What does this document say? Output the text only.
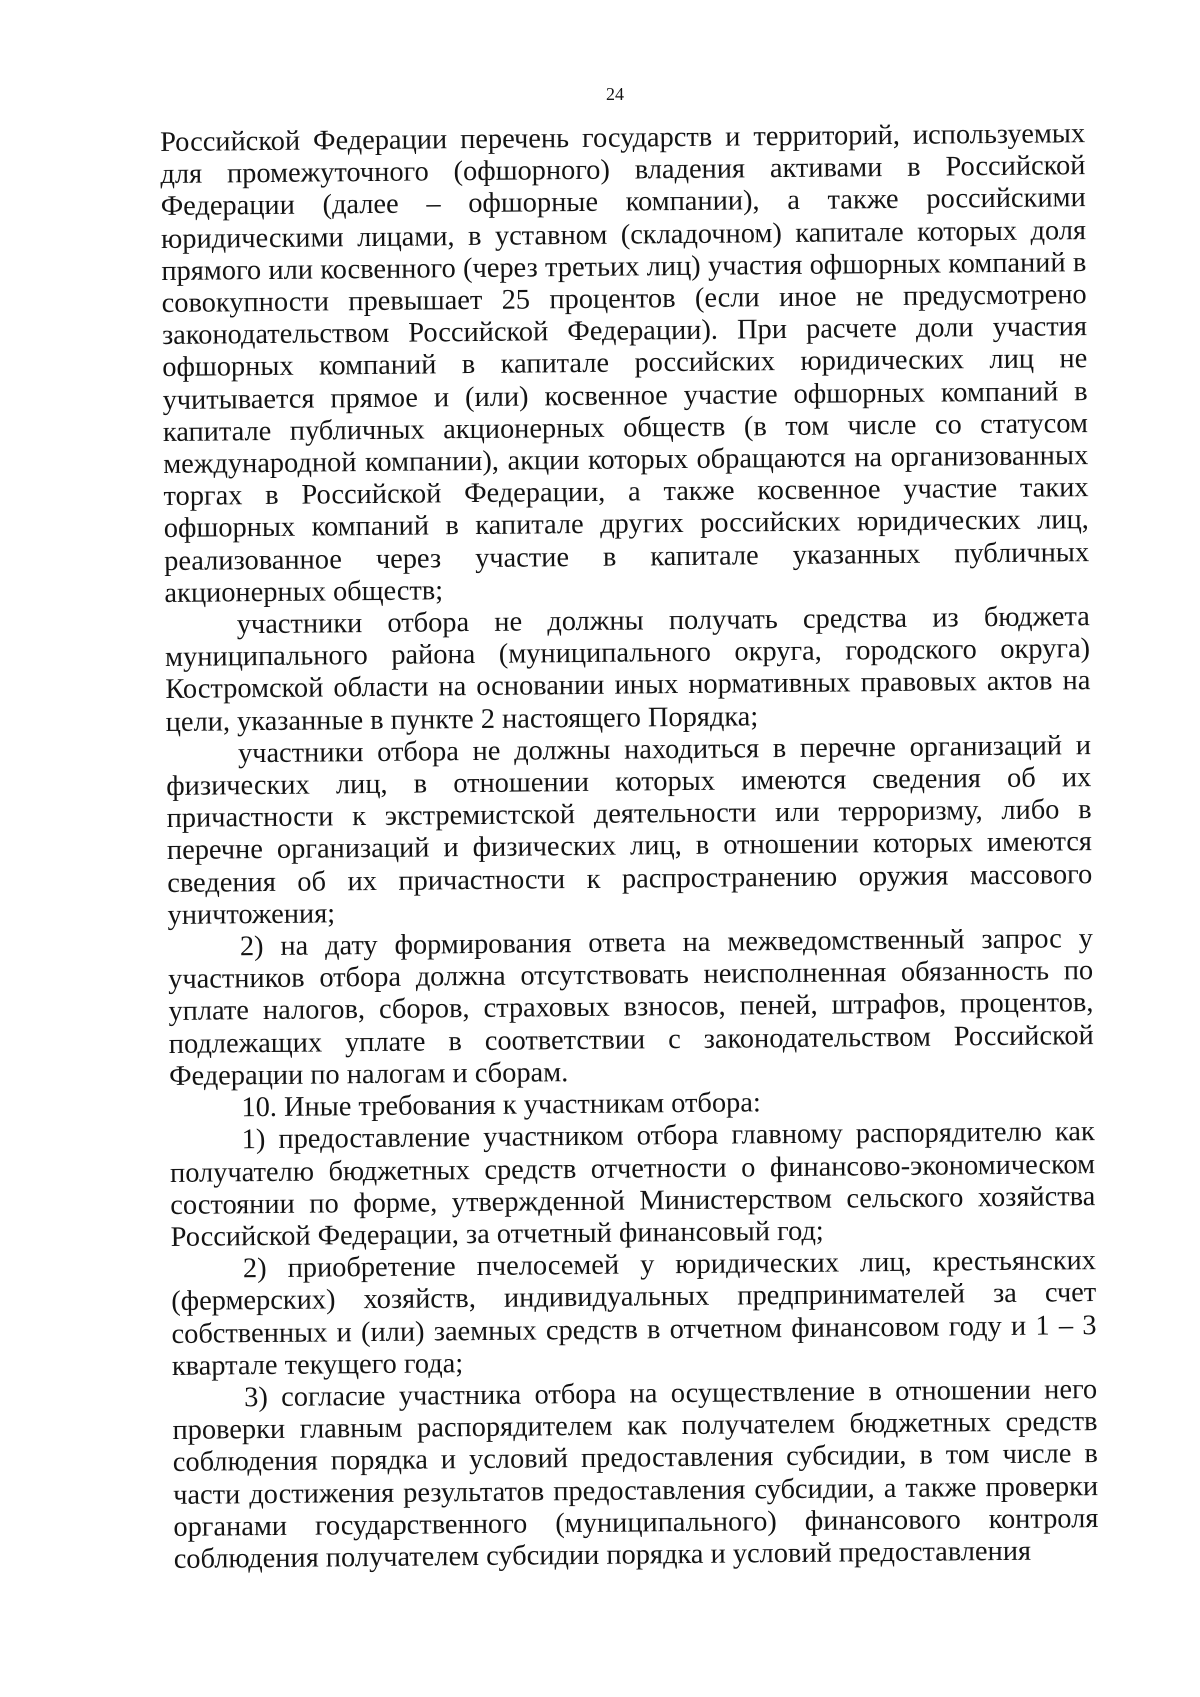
24

Российской Федерации перечень государств и территорий, используемых для промежуточного (офшорного) владения активами в Российской Федерации (далее – офшорные компании), а также российскими юридическими лицами, в уставном (складочном) капитале которых доля прямого или косвенного (через третьих лиц) участия офшорных компаний в совокупности превышает 25 процентов (если иное не предусмотрено законодательством Российской Федерации). При расчете доли участия офшорных компаний в капитале российских юридических лиц не учитывается прямое и (или) косвенное участие офшорных компаний в капитале публичных акционерных обществ (в том числе со статусом международной компании), акции которых обращаются на организованных торгах в Российской Федерации, а также косвенное участие таких офшорных компаний в капитале других российских юридических лиц, реализованное через участие в капитале указанных публичных акционерных обществ;

участники отбора не должны получать средства из бюджета муниципального района (муниципального округа, городского округа) Костромской области на основании иных нормативных правовых актов на цели, указанные в пункте 2 настоящего Порядка;

участники отбора не должны находиться в перечне организаций и физических лиц, в отношении которых имеются сведения об их причастности к экстремистской деятельности или терроризму, либо в перечне организаций и физических лиц, в отношении которых имеются сведения об их причастности к распространению оружия массового уничтожения;

2) на дату формирования ответа на межведомственный запрос у участников отбора должна отсутствовать неисполненная обязанность по уплате налогов, сборов, страховых взносов, пеней, штрафов, процентов, подлежащих уплате в соответствии с законодательством Российской Федерации по налогам и сборам.

10. Иные требования к участникам отбора:

1) предоставление участником отбора главному распорядителю как получателю бюджетных средств отчетности о финансово-экономическом состоянии по форме, утвержденной Министерством сельского хозяйства Российской Федерации, за отчетный финансовый год;

2) приобретение пчелосемей у юридических лиц, крестьянских (фермерских) хозяйств, индивидуальных предпринимателей за счет собственных и (или) заемных средств в отчетном финансовом году и 1 – 3 квартале текущего года;

3) согласие участника отбора на осуществление в отношении него проверки главным распорядителем как получателем бюджетных средств соблюдения порядка и условий предоставления субсидии, в том числе в части достижения результатов предоставления субсидии, а также проверки органами государственного (муниципального) финансового контроля соблюдения получателем субсидии порядка и условий предоставления
